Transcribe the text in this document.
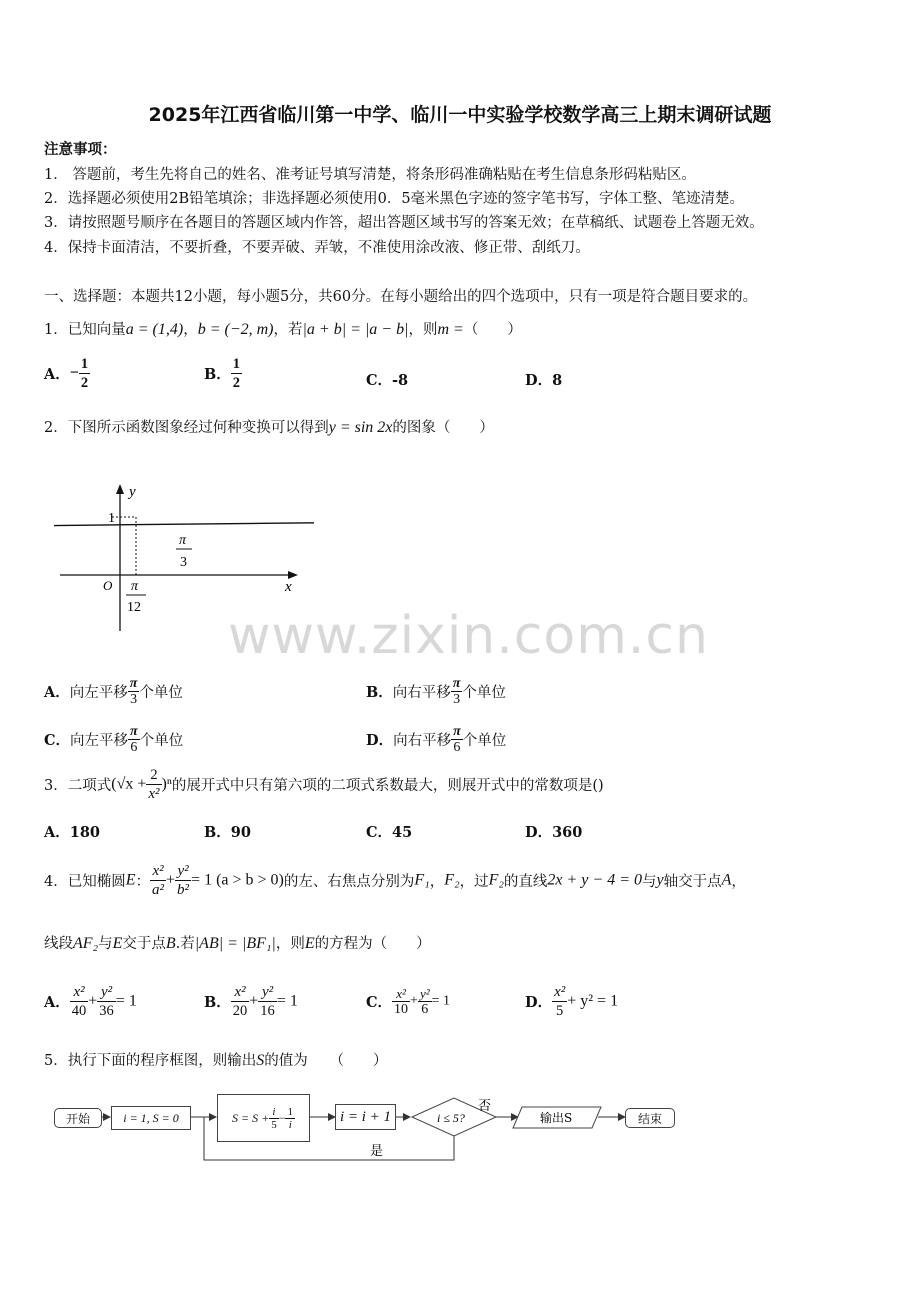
2025年江西省临川第一中学、临川一中实验学校数学高三上期末调研试题
注意事项：
1． 答题前，考生先将自己的姓名、准考证号填写清楚，将条形码准确粘贴在考生信息条形码粘贴区。
2．选择题必须使用2B铅笔填涂；非选择题必须使用0．5毫米黑色字迹的签字笔书写，字体工整、笔迹清楚。
3．请按照题号顺序在各题目的答题区域内作答，超出答题区域书写的答案无效；在草稿纸、试题卷上答题无效。
4．保持卡面清洁，不要折叠，不要弄破、弄皱，不准使用涂改液、修正带、刮纸刀。
一、选择题：本题共12小题，每小题5分，共60分。在每小题给出的四个选项中，只有一项是符合题目要求的。
1．已知向量a = (1,4)，b = (−2, m)，若|a + b| = |a − b|，则m =（　　）
A．− $\frac{1}{2}$	B． $\frac{1}{2}$	C．-8	D．8
2．下图所示函数图象经过何种变换可以得到y = sin 2x的图象（　　）
y
x
O
1
π
3
π
12 www.zixin.com.cn
A．向左平移 $\frac{\pi}{3}$ 个单位	B．向右平移 $\frac{\pi}{3}$ 个单位
C．向左平移 $\frac{\pi}{6}$ 个单位	D．向右平移 $\frac{\pi}{6}$ 个单位
3．二项式$(√x + \frac{2}{\text{x²}} )^n$的展开式中只有第六项的二项式系数最大，则展开式中的常数项是()
A．180	B．90	C．45	D．360
4．已知椭圆E： $\frac{\text{x²}}{\text{a²}} + \frac{\text{y²}}{\text{b²}} = 1$ (a > b > 0)的左、右焦点分别为F₁，F₂，过F₂的直线2x + y − 4 = 0与y轴交于点A，
线段AF₂与E交于点B.若|AB| = |BF₁|，则E的方程为（　　）
A． $\frac{\text{x²}}{40} + \frac{\text{y²}}{36} = 1$	B． $\frac{\text{x²}}{20} + \frac{\text{y²}}{16} = 1$	C． $\frac{\text{x²}}{10} + \frac{\text{y²}}{6} = 1$	D． $\frac{\text{x²}}{5} + y^2 = 1$
5．执行下面的程序框图，则输出S的值为　　（　　）
否
是
i ≤ 5?	输出S
开始	i = 1, S = 0	$S = S + \frac{i}{5} - \frac{1}{i}$	i = i + 1	结束
